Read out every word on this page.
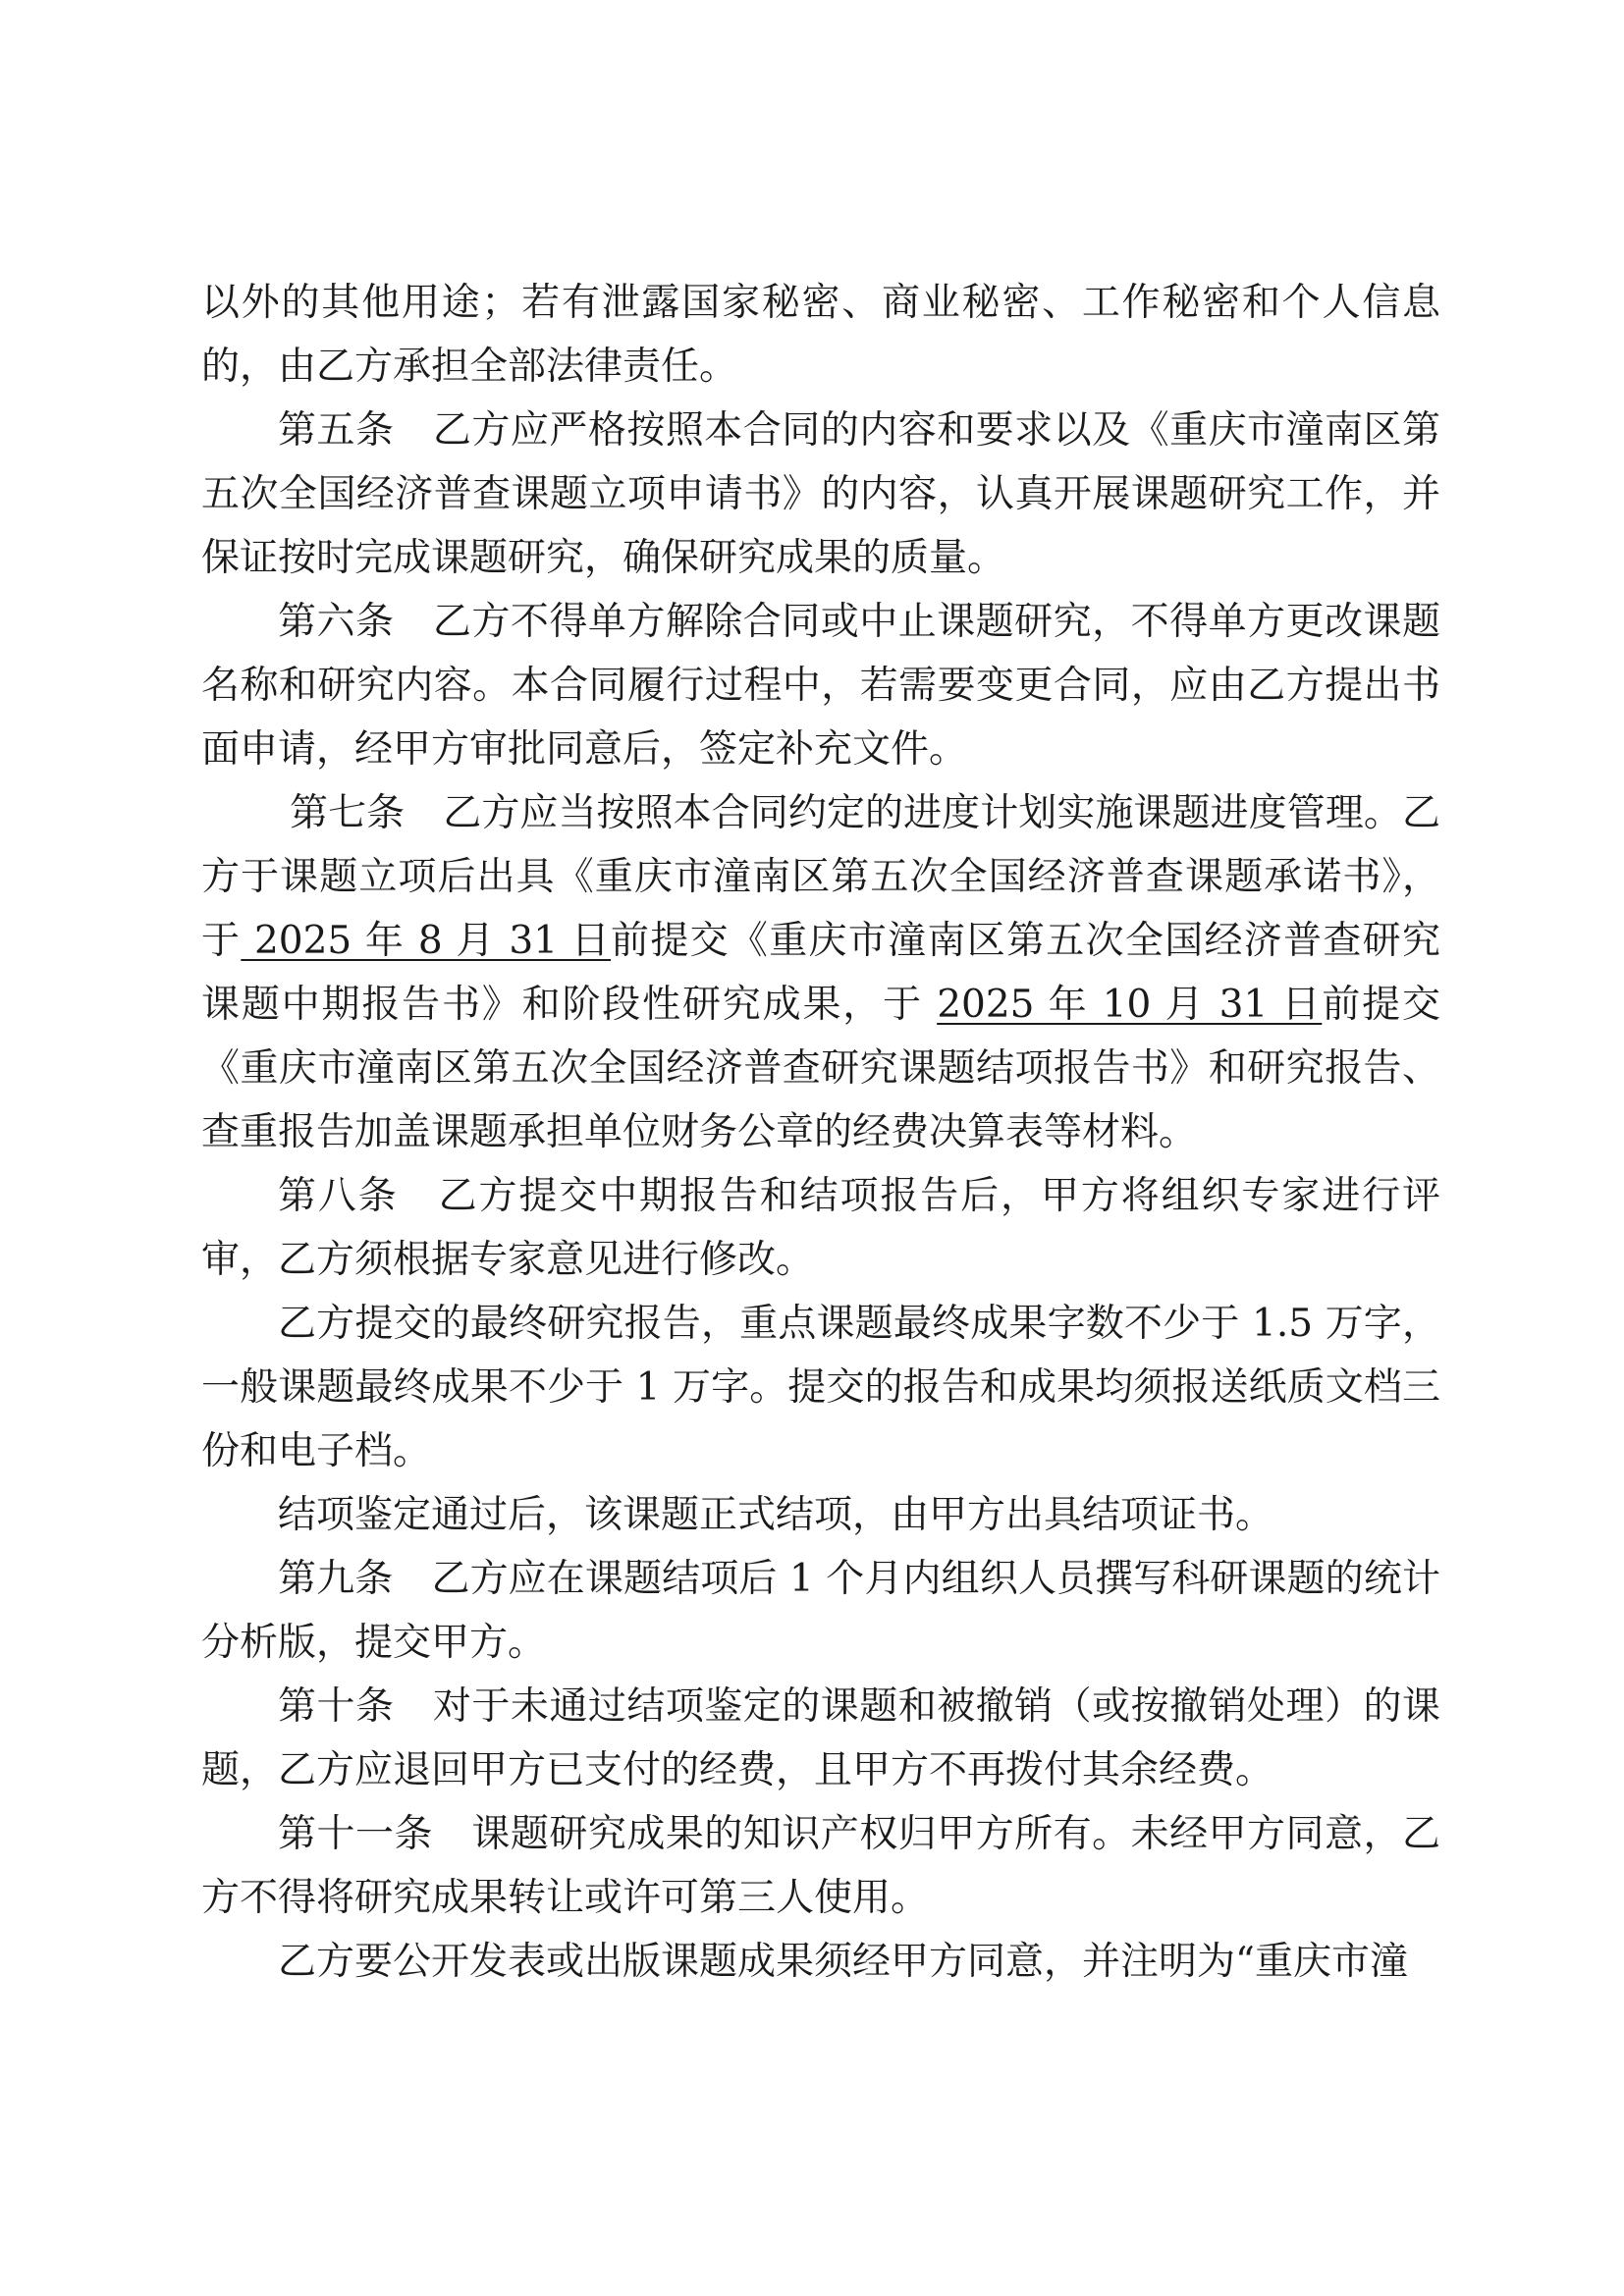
以外的其他用途；若有泄露国家秘密、商业秘密、工作秘密和个人信息的，由乙方承担全部法律责任。

第五条　乙方应严格按照本合同的内容和要求以及《重庆市潼南区第五次全国经济普查课题立项申请书》的内容，认真开展课题研究工作，并保证按时完成课题研究，确保研究成果的质量。

第六条　乙方不得单方解除合同或中止课题研究，不得单方更改课题名称和研究内容。本合同履行过程中，若需要变更合同，应由乙方提出书面申请，经甲方审批同意后，签定补充文件。

第七条　乙方应当按照本合同约定的进度计划实施课题进度管理。乙方于课题立项后出具《重庆市潼南区第五次全国经济普查课题承诺书》，于 2025 年 8 月 31 日前提交《重庆市潼南区第五次全国经济普查研究课题中期报告书》和阶段性研究成果，于 2025 年 10 月 31 日前提交《重庆市潼南区第五次全国经济普查研究课题结项报告书》和研究报告、查重报告加盖课题承担单位财务公章的经费决算表等材料。

第八条　乙方提交中期报告和结项报告后，甲方将组织专家进行评审，乙方须根据专家意见进行修改。

乙方提交的最终研究报告，重点课题最终成果字数不少于 1.5 万字，一般课题最终成果不少于 1 万字。提交的报告和成果均须报送纸质文档三份和电子档。

结项鉴定通过后，该课题正式结项，由甲方出具结项证书。

第九条　乙方应在课题结项后 1 个月内组织人员撰写科研课题的统计分析版，提交甲方。

第十条　对于未通过结项鉴定的课题和被撤销（或按撤销处理）的课题，乙方应退回甲方已支付的经费，且甲方不再拨付其余经费。

第十一条　课题研究成果的知识产权归甲方所有。未经甲方同意，乙方不得将研究成果转让或许可第三人使用。

乙方要公开发表或出版课题成果须经甲方同意，并注明为“重庆市潼
